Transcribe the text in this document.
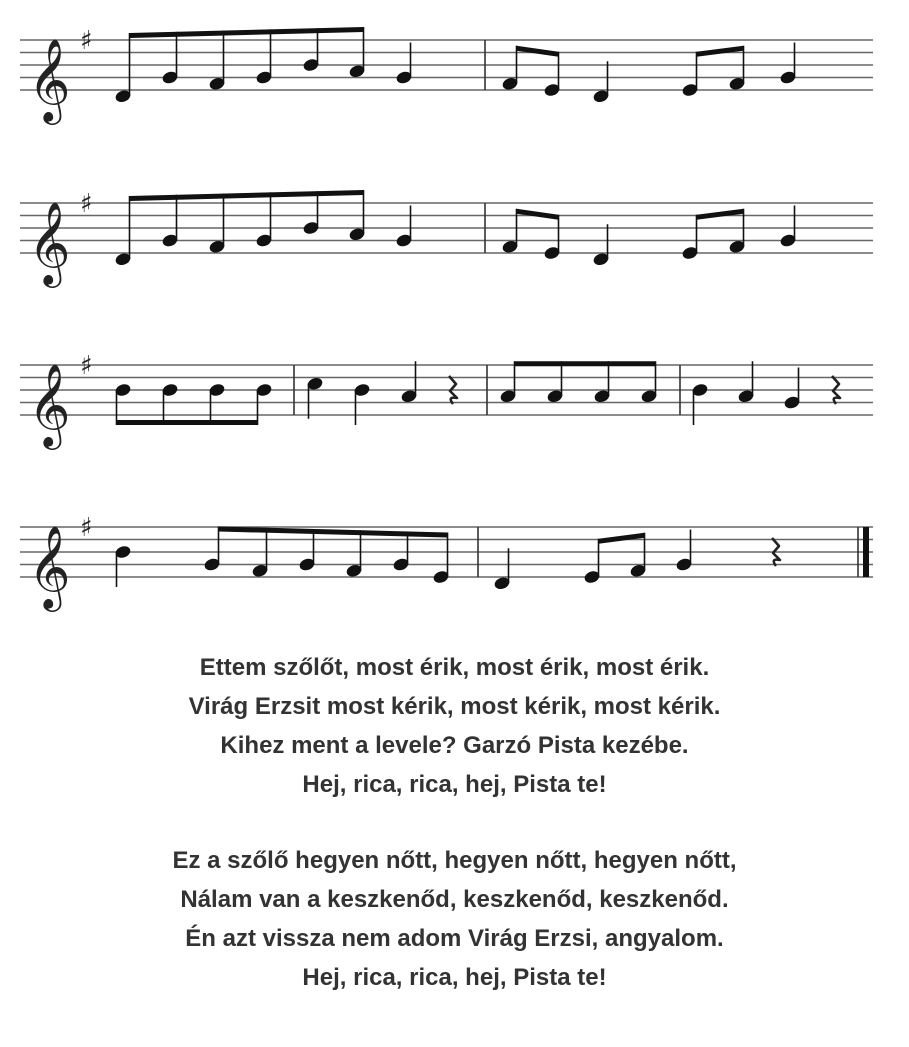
𝄞 ♯
𝄞 ♯
𝄞 ♯
𝄞 ♯
Ettem szőlőt, most érik, most érik, most érik.
Virág Erzsit most kérik, most kérik, most kérik.
Kihez ment a levele? Garzó Pista kezébe.
Hej, rica, rica, hej, Pista te!
Ez a szőlő hegyen nőtt, hegyen nőtt, hegyen nőtt,
Nálam van a keszkenőd, keszkenőd, keszkenőd.
Én azt vissza nem adom Virág Erzsi, angyalom.
Hej, rica, rica, hej, Pista te!
